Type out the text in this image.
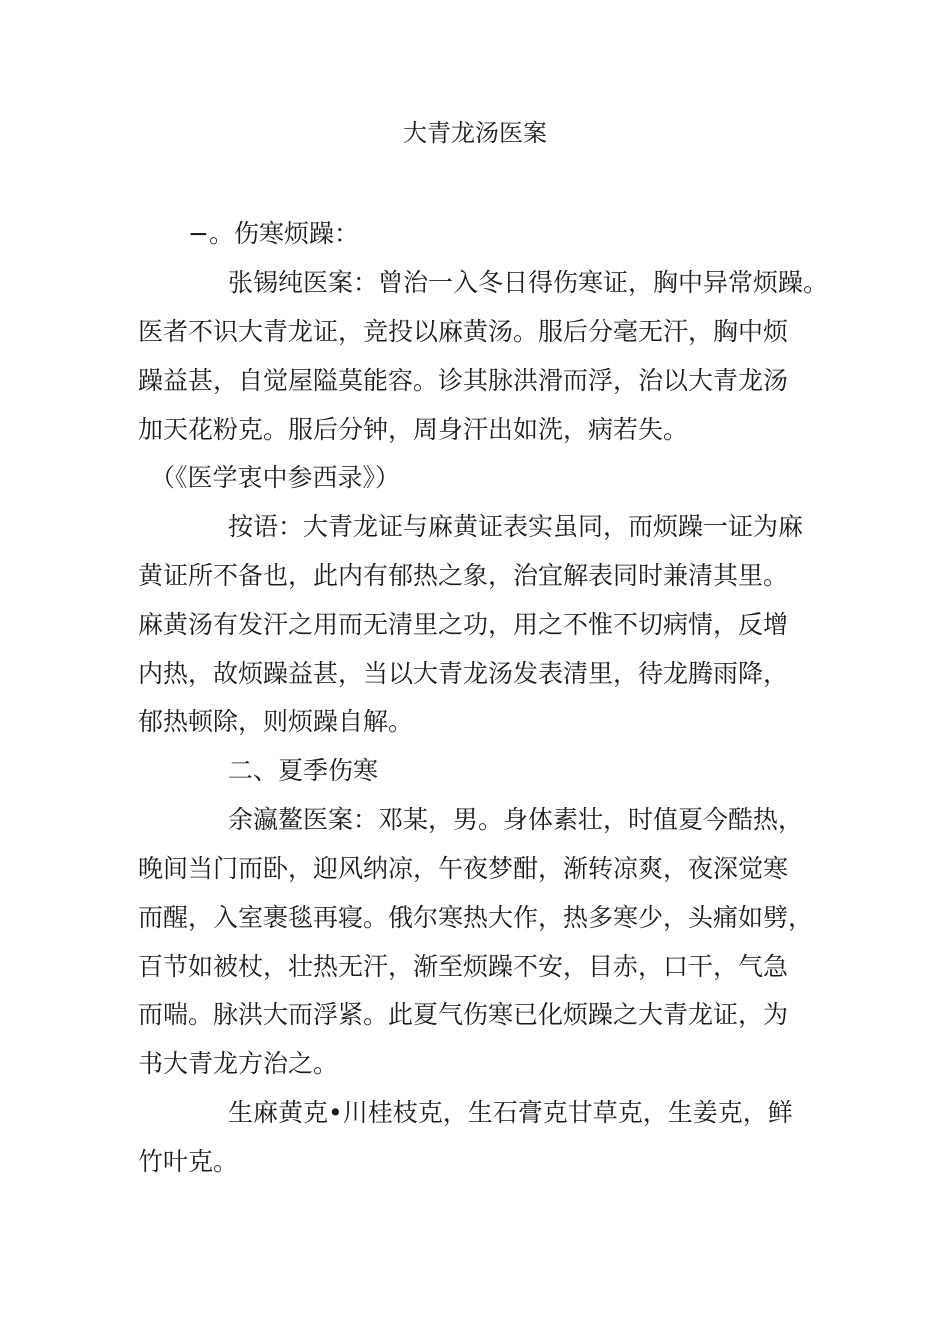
大青龙汤医案
−。伤寒烦躁：
张锡纯医案：曾治一入冬日得伤寒证，胸中异常烦躁。
医者不识大青龙证，竞投以麻黄汤。服后分毫无汗，胸中烦
躁益甚，自觉屋隘莫能容。诊其脉洪滑而浮，治以大青龙汤
加天花粉克。服后分钟，周身汗出如洗，病若失。
（《医学衷中参西录》）
按语：大青龙证与麻黄证表实虽同，而烦躁一证为麻
黄证所不备也，此内有郁热之象，治宜解表同时兼清其里。
麻黄汤有发汗之用而无清里之功，用之不惟不切病情，反增
内热，故烦躁益甚，当以大青龙汤发表清里，待龙腾雨降，
郁热顿除，则烦躁自解。
二、夏季伤寒
余瀛鳌医案：邓某，男。身体素壮，时值夏今酷热，
晚间当门而卧，迎风纳凉，午夜梦酣，渐转凉爽，夜深觉寒
而醒，入室裹毯再寝。俄尔寒热大作，热多寒少，头痛如劈，
百节如被杖，壮热无汗，渐至烦躁不安，目赤，口干，气急
而喘。脉洪大而浮紧。此夏气伤寒已化烦躁之大青龙证，为
书大青龙方治之。
生麻黄克•川桂枝克，生石膏克甘草克，生姜克，鲜
竹叶克。
